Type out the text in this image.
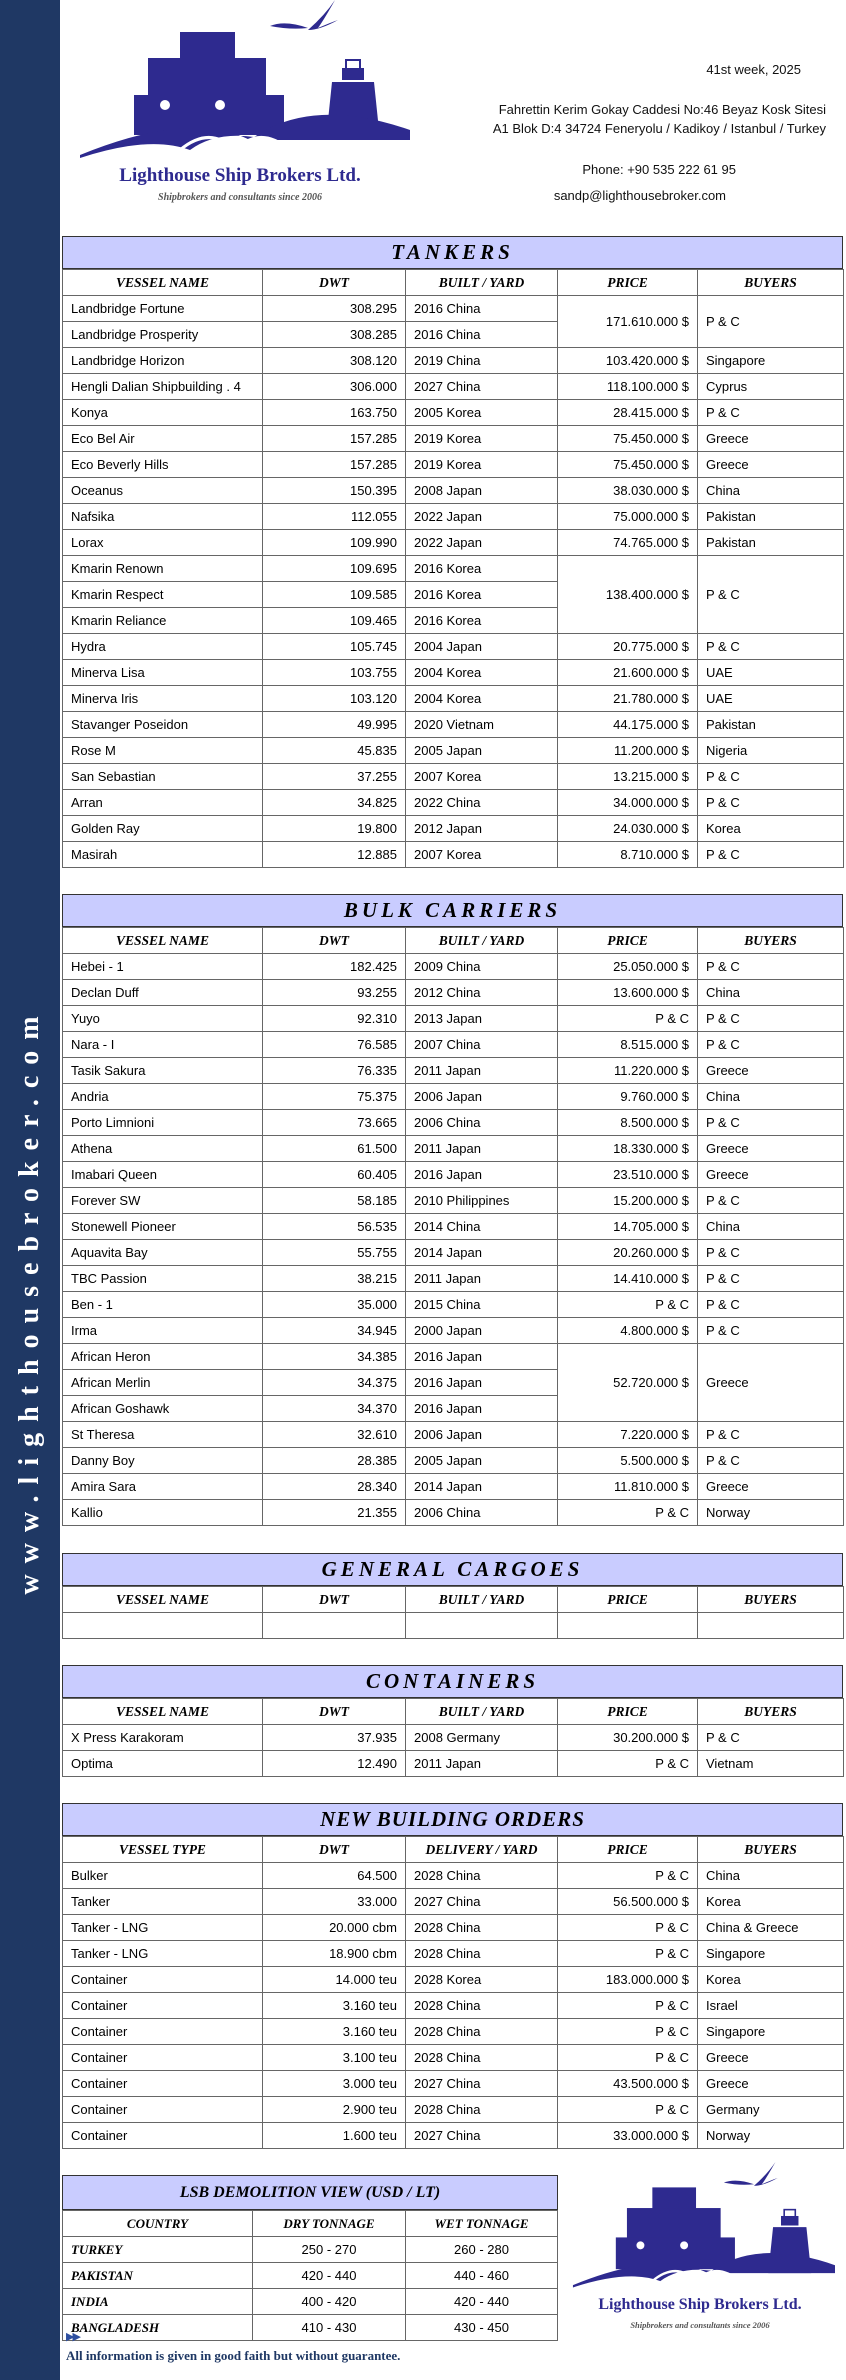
www.lighthousebroker.com
Lighthouse Ship Brokers Ltd.
Shipbrokers and consultants since 2006
41st week, 2025
Fahrettin Kerim Gokay Caddesi No:46 Beyaz Kosk Sitesi
A1 Blok D:4 34724 Feneryolu / Kadikoy / Istanbul / Turkey
Phone: +90 535 222 61 95
sandp@lighthousebroker.com
TANKERS
VESSEL NAME	DWT	BUILT / YARD	PRICE	BUYERS
Landbridge Fortune	308.295	2016 China	171.610.000 $	P & C
Landbridge Prosperity	308.285	2016 China		
Landbridge Horizon	308.120	2019 China	103.420.000 $	Singapore
Hengli Dalian Shipbuilding . 4	306.000	2027 China	118.100.000 $	Cyprus
Konya	163.750	2005 Korea	28.415.000 $	P & C
Eco Bel Air	157.285	2019 Korea	75.450.000 $	Greece
Eco Beverly Hills	157.285	2019 Korea	75.450.000 $	Greece
Oceanus	150.395	2008 Japan	38.030.000 $	China
Nafsika	112.055	2022 Japan	75.000.000 $	Pakistan
Lorax	109.990	2022 Japan	74.765.000 $	Pakistan
Kmarin Renown	109.695	2016 Korea	138.400.000 $	P & C
Kmarin Respect	109.585	2016 Korea		
Kmarin Reliance	109.465	2016 Korea		
Hydra	105.745	2004 Japan	20.775.000 $	P & C
Minerva Lisa	103.755	2004 Korea	21.600.000 $	UAE
Minerva Iris	103.120	2004 Korea	21.780.000 $	UAE
Stavanger Poseidon	49.995	2020 Vietnam	44.175.000 $	Pakistan
Rose M	45.835	2005 Japan	11.200.000 $	Nigeria
San Sebastian	37.255	2007 Korea	13.215.000 $	P & C
Arran	34.825	2022 China	34.000.000 $	P & C
Golden Ray	19.800	2012 Japan	24.030.000 $	Korea
Masirah	12.885	2007 Korea	8.710.000 $	P & C
BULK CARRIERS
VESSEL NAME	DWT	BUILT / YARD	PRICE	BUYERS
Hebei - 1	182.425	2009 China	25.050.000 $	P & C
Declan Duff	93.255	2012 China	13.600.000 $	China
Yuyo	92.310	2013 Japan	P & C	P & C
Nara - I	76.585	2007 China	8.515.000 $	P & C
Tasik Sakura	76.335	2011 Japan	11.220.000 $	Greece
Andria	75.375	2006 Japan	9.760.000 $	China
Porto Limnioni	73.665	2006 China	8.500.000 $	P & C
Athena	61.500	2011 Japan	18.330.000 $	Greece
Imabari Queen	60.405	2016 Japan	23.510.000 $	Greece
Forever SW	58.185	2010 Philippines	15.200.000 $	P & C
Stonewell Pioneer	56.535	2014 China	14.705.000 $	China
Aquavita Bay	55.755	2014 Japan	20.260.000 $	P & C
TBC Passion	38.215	2011 Japan	14.410.000 $	P & C
Ben - 1	35.000	2015 China	P & C	P & C
Irma	34.945	2000 Japan	4.800.000 $	P & C
African Heron	34.385	2016 Japan	52.720.000 $	Greece
African Merlin	34.375	2016 Japan		
African Goshawk	34.370	2016 Japan		
St Theresa	32.610	2006 Japan	7.220.000 $	P & C
Danny Boy	28.385	2005 Japan	5.500.000 $	P & C
Amira Sara	28.340	2014 Japan	11.810.000 $	Greece
Kallio	21.355	2006 China	P & C	Norway
GENERAL CARGOES
VESSEL NAME	DWT	BUILT / YARD	PRICE	BUYERS

CONTAINERS
VESSEL NAME	DWT	BUILT / YARD	PRICE	BUYERS
X Press Karakoram	37.935	2008 Germany	30.200.000 $	P & C
Optima	12.490	2011 Japan	P & C	Vietnam
NEW BUILDING ORDERS
VESSEL TYPE	DWT	DELIVERY / YARD	PRICE	BUYERS
Bulker	64.500	2028 China	P & C	China
Tanker	33.000	2027 China	56.500.000 $	Korea
Tanker - LNG	20.000 cbm	2028 China	P & C	China & Greece
Tanker - LNG	18.900 cbm	2028 China	P & C	Singapore
Container	14.000 teu	2028 Korea	183.000.000 $	Korea
Container	3.160 teu	2028 China	P & C	Israel
Container	3.160 teu	2028 China	P & C	Singapore
Container	3.100 teu	2028 China	P & C	Greece
Container	3.000 teu	2027 China	43.500.000 $	Greece
Container	2.900 teu	2028 China	P & C	Germany
Container	1.600 teu	2027 China	33.000.000 $	Norway
LSB DEMOLITION VIEW (USD / LT)
COUNTRY	DRY TONNAGE	WET TONNAGE
TURKEY	250 - 270	260 - 280
PAKISTAN	420 - 440	440 - 460
INDIA	400 - 420	420 - 440
BANGLADESH	410 - 430	430 - 450
Lighthouse Ship Brokers Ltd.
Shipbrokers and consultants since 2006
▶▶
All information is given in good faith but without guarantee.
